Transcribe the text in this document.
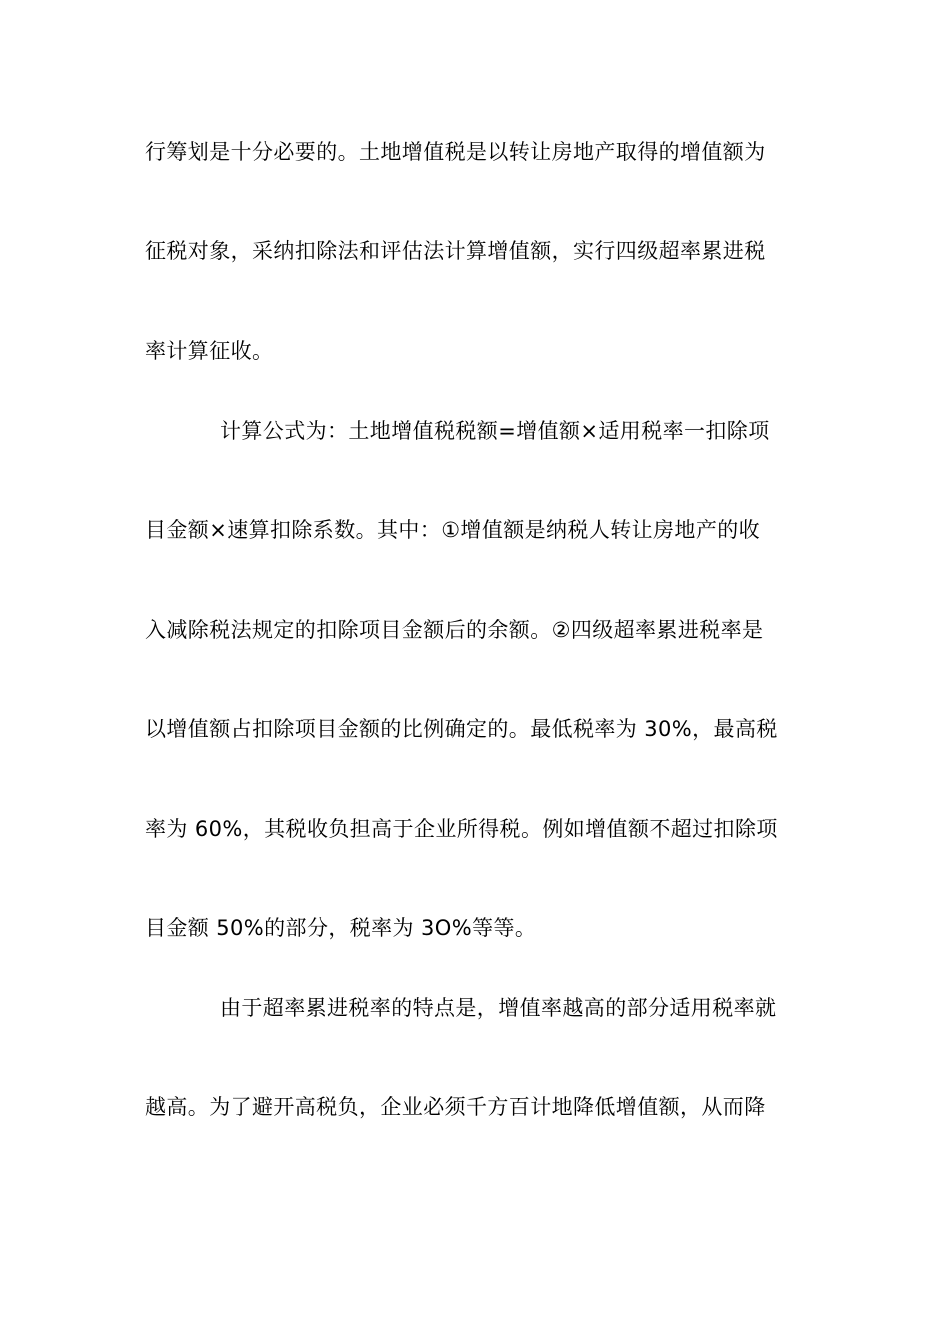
行筹划是十分必要的。土地增值税是以转让房地产取得的增值额为
征税对象，采纳扣除法和评估法计算增值额，实行四级超率累进税
率计算征收。
计算公式为：土地增值税税额=增值额×适用税率一扣除项
目金额×速算扣除系数。其中：①增值额是纳税人转让房地产的收
入减除税法规定的扣除项目金额后的余额。②四级超率累进税率是
以增值额占扣除项目金额的比例确定的。最低税率为 30%，最高税
率为 60%，其税收负担高于企业所得税。例如增值额不超过扣除项
目金额 50%的部分，税率为 3O%等等。
由于超率累进税率的特点是，增值率越高的部分适用税率就
越高。为了避开高税负，企业必须千方百计地降低增值额，从而降
